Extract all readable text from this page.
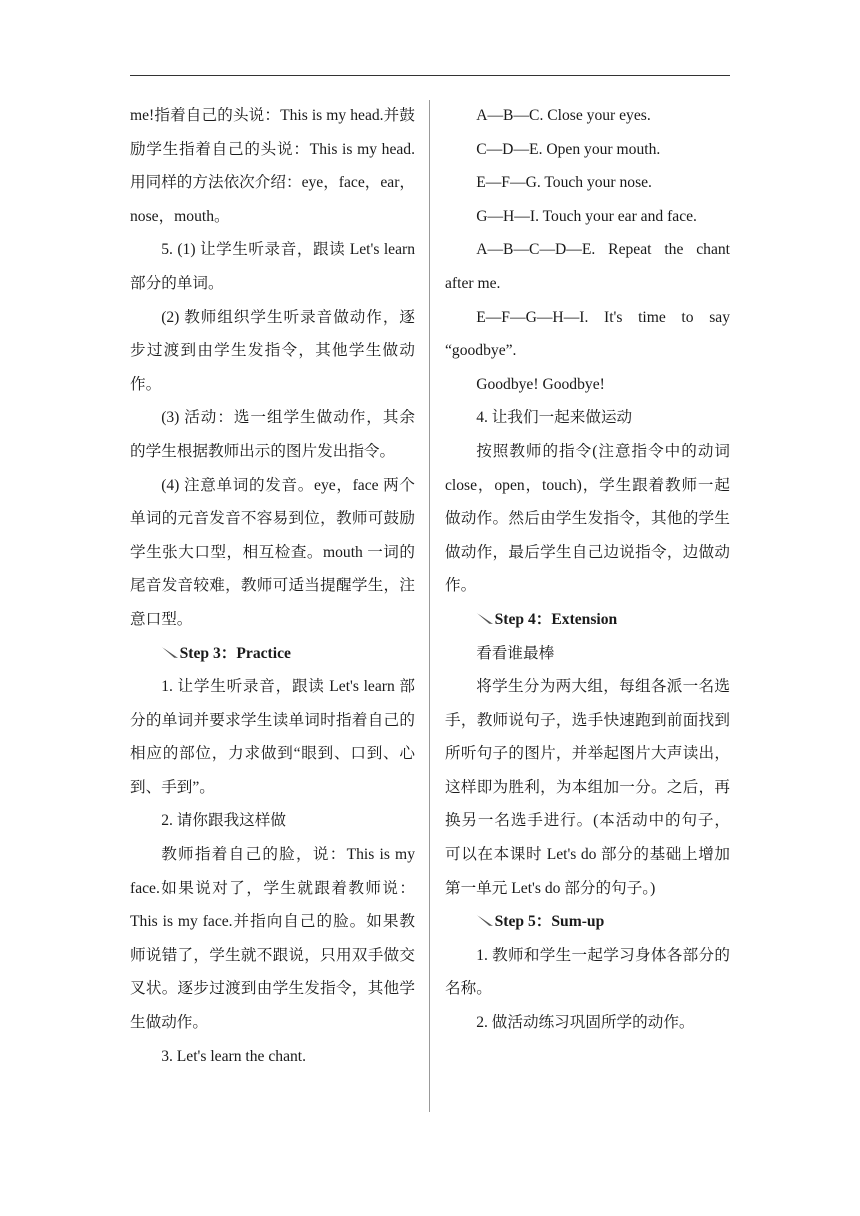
me!指着自己的头说：This is my head.并鼓励学生指着自己的头说：This is my head.用同样的方法依次介绍：eye，face，ear，nose，mouth。

5. (1) 让学生听录音，跟读 Let's learn 部分的单词。

(2) 教师组织学生听录音做动作，逐步过渡到由学生发指令，其他学生做动作。

(3) 活动：选一组学生做动作，其余的学生根据教师出示的图片发出指令。

(4) 注意单词的发音。eye，face 两个单词的元音发音不容易到位，教师可鼓励学生张大口型，相互检查。mouth 一词的尾音发音较难，教师可适当提醒学生，注意口型。

Step 3：Practice

1. 让学生听录音，跟读 Let's learn 部分的单词并要求学生读单词时指着自己的相应的部位，力求做到“眼到、口到、心到、手到”。

2. 请你跟我这样做

教师指着自己的脸，说：This is my face.如果说对了，学生就跟着教师说：This is my face.并指向自己的脸。如果教师说错了，学生就不跟说，只用双手做交叉状。逐步过渡到由学生发指令，其他学生做动作。

3. Let's learn the chant.

A—B—C. Close your eyes.

C—D—E. Open your mouth.

E—F—G. Touch your nose.

G—H—I. Touch your ear and face.

A—B—C—D—E. Repeat the chant after me.

E—F—G—H—I. It's time to say “goodbye”.

Goodbye! Goodbye!

4. 让我们一起来做运动

按照教师的指令(注意指令中的动词 close，open，touch)，学生跟着教师一起做动作。然后由学生发指令，其他的学生做动作，最后学生自己边说指令，边做动作。

Step 4：Extension

看看谁最棒

将学生分为两大组，每组各派一名选手，教师说句子，选手快速跑到前面找到所听句子的图片，并举起图片大声读出，这样即为胜利，为本组加一分。之后，再换另一名选手进行。(本活动中的句子，可以在本课时 Let's do 部分的基础上增加第一单元 Let's do 部分的句子。)

Step 5：Sum-up

1. 教师和学生一起学习身体各部分的名称。

2. 做活动练习巩固所学的动作。
